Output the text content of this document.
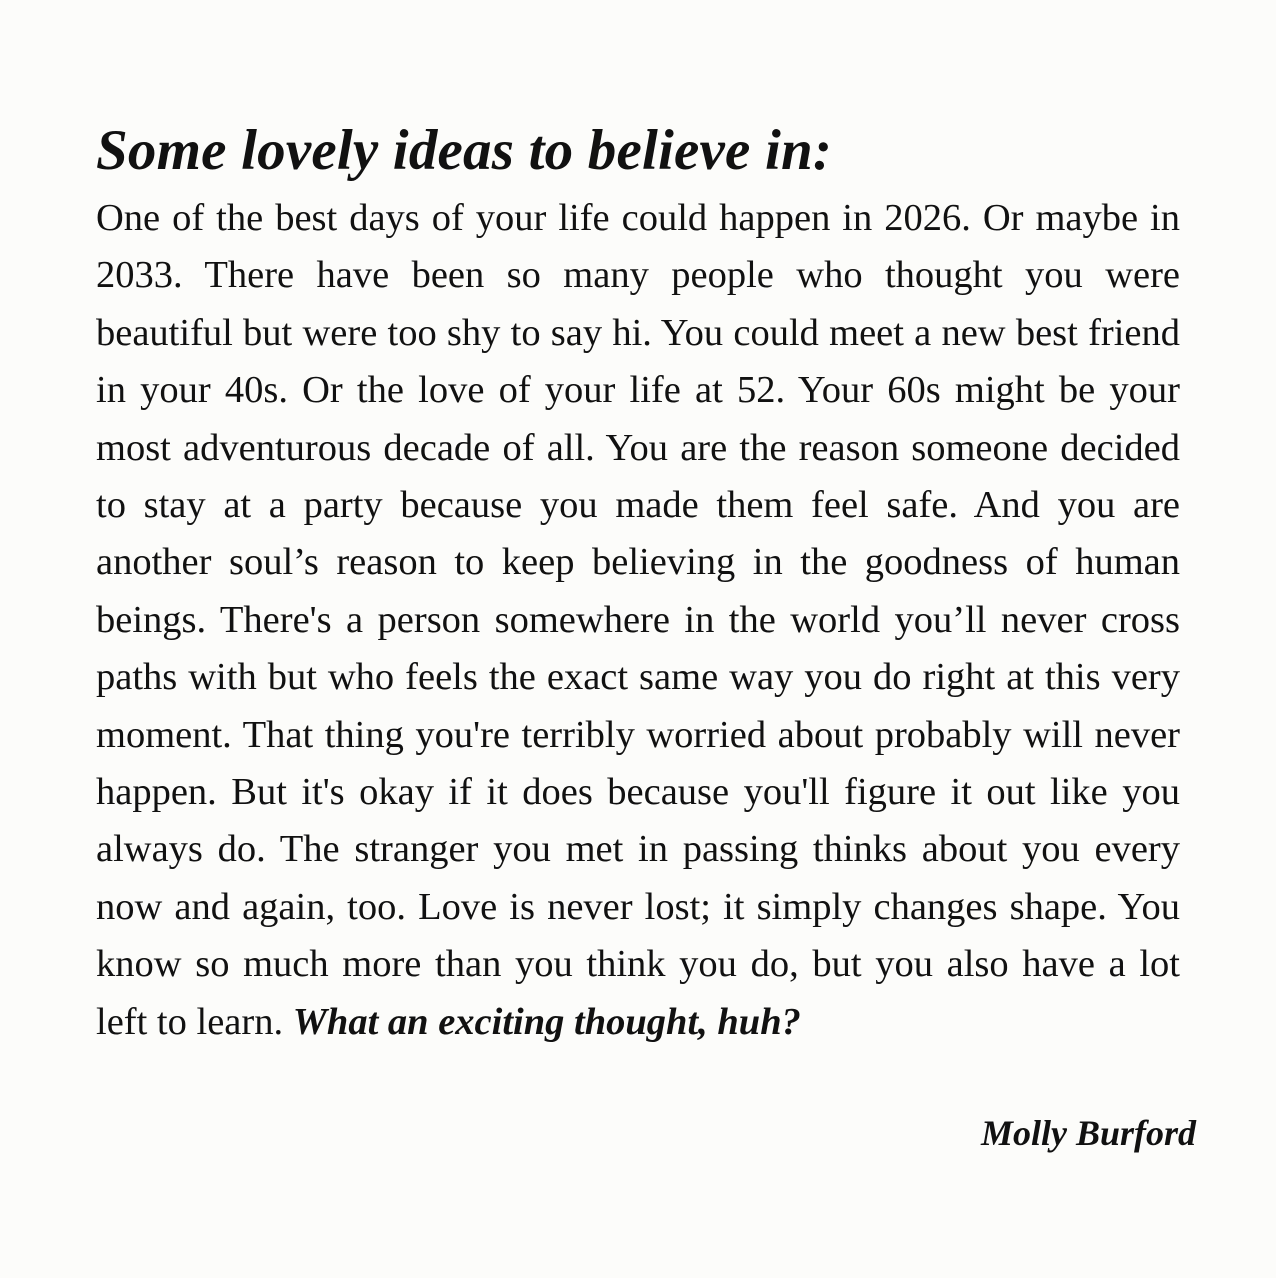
Some lovely ideas to believe in:

One of the best days of your life could happen in 2026. Or maybe in 2033. There have been so many people who thought you were beautiful but were too shy to say hi. You could meet a new best friend in your 40s. Or the love of your life at 52. Your 60s might be your most adventurous decade of all. You are the reason someone decided to stay at a party because you made them feel safe. And you are another soul’s reason to keep believing in the goodness of human beings. There's a person somewhere in the world you’ll never cross paths with but who feels the exact same way you do right at this very moment. That thing you're terribly worried about probably will never happen. But it's okay if it does because you'll figure it out like you always do. The stranger you met in passing thinks about you every now and again, too. Love is never lost; it simply changes shape. You know so much more than you think you do, but you also have a lot left to learn. What an exciting thought, huh?

Molly Burford
